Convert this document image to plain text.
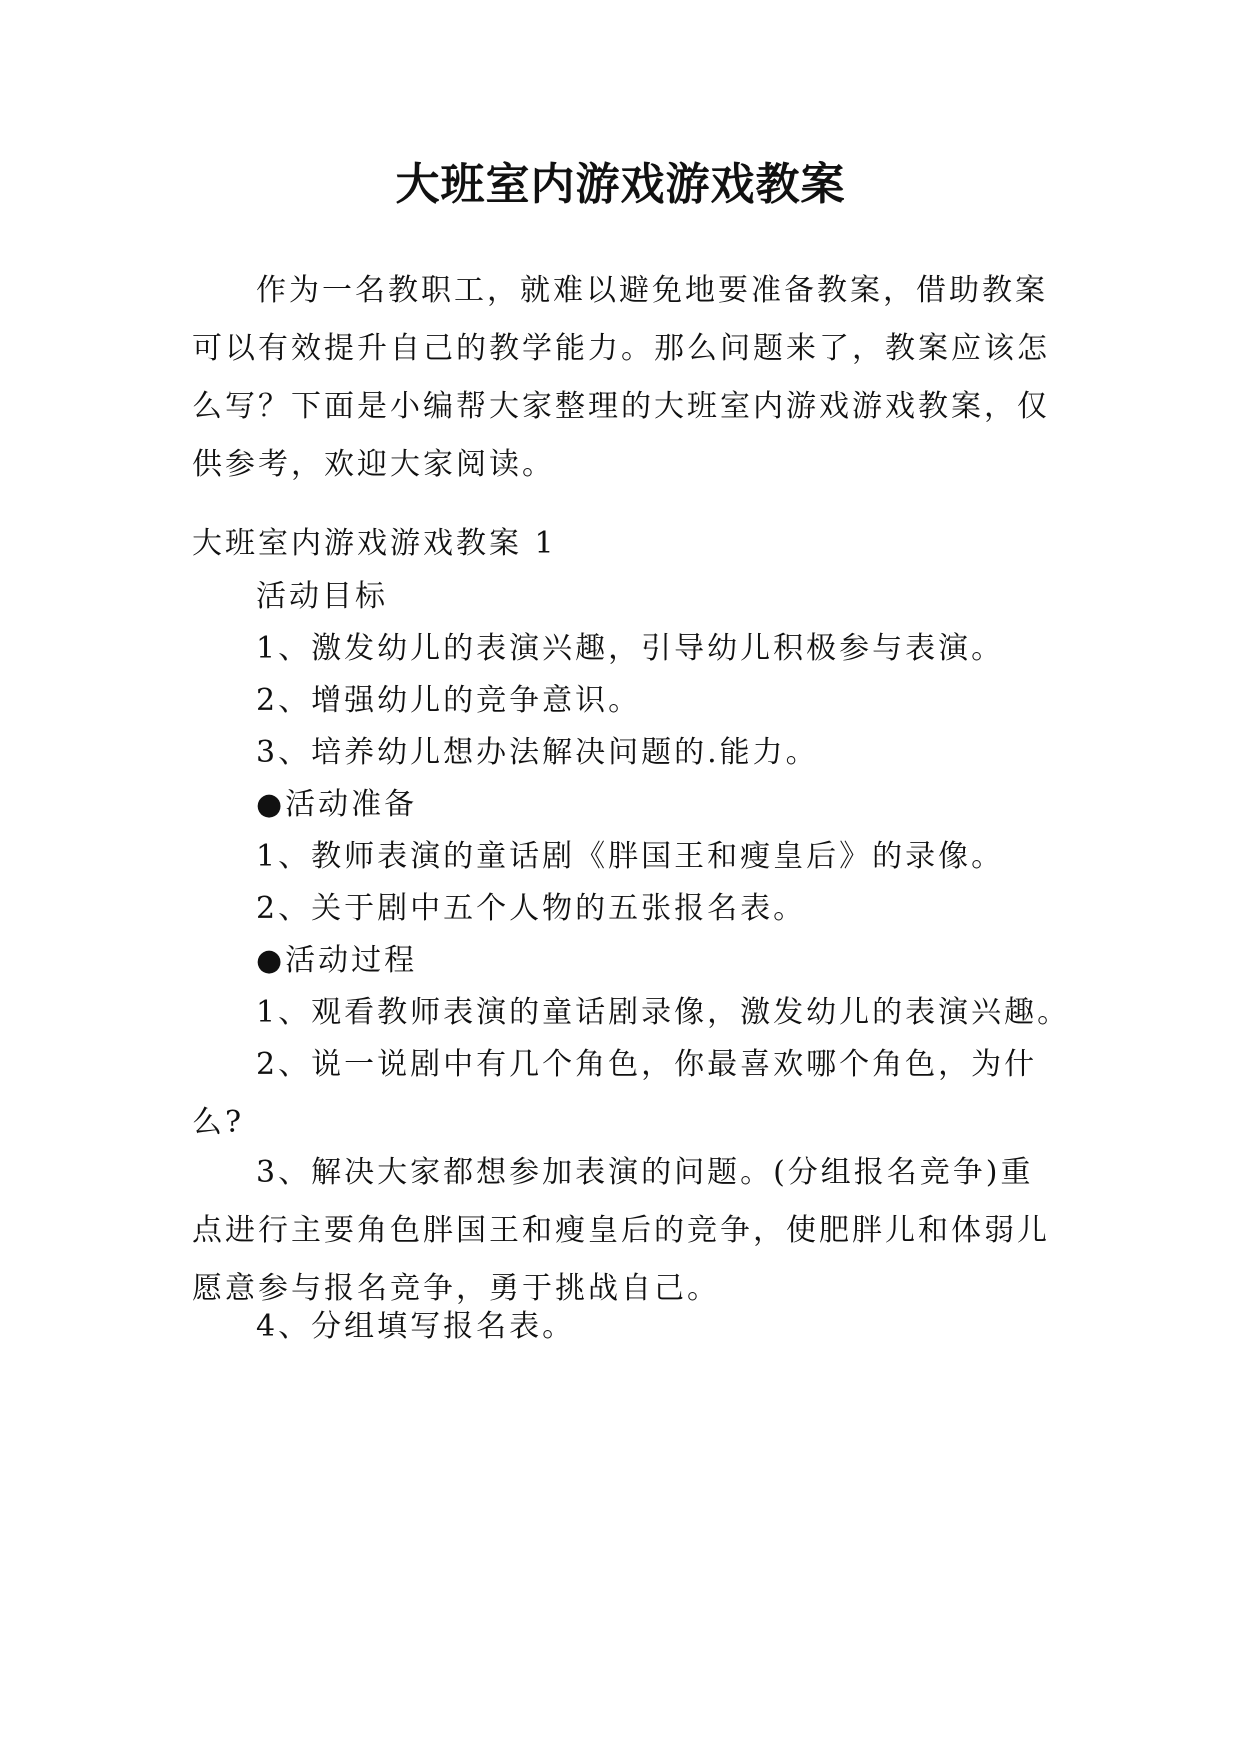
大班室内游戏游戏教案

作为一名教职工，就难以避免地要准备教案，借助教案可以有效提升自己的教学能力。那么问题来了，教案应该怎么写？下面是小编帮大家整理的大班室内游戏游戏教案，仅供参考，欢迎大家阅读。

大班室内游戏游戏教案 1

活动目标

1、激发幼儿的表演兴趣，引导幼儿积极参与表演。

2、增强幼儿的竞争意识。

3、培养幼儿想办法解决问题的.能力。

●活动准备

1、教师表演的童话剧《胖国王和瘦皇后》的录像。

2、关于剧中五个人物的五张报名表。

●活动过程

1、观看教师表演的童话剧录像，激发幼儿的表演兴趣。

2、说一说剧中有几个角色，你最喜欢哪个角色，为什么?

3、解决大家都想参加表演的问题。(分组报名竞争)重点进行主要角色胖国王和瘦皇后的竞争，使肥胖儿和体弱儿愿意参与报名竞争，勇于挑战自己。

4、分组填写报名表。
